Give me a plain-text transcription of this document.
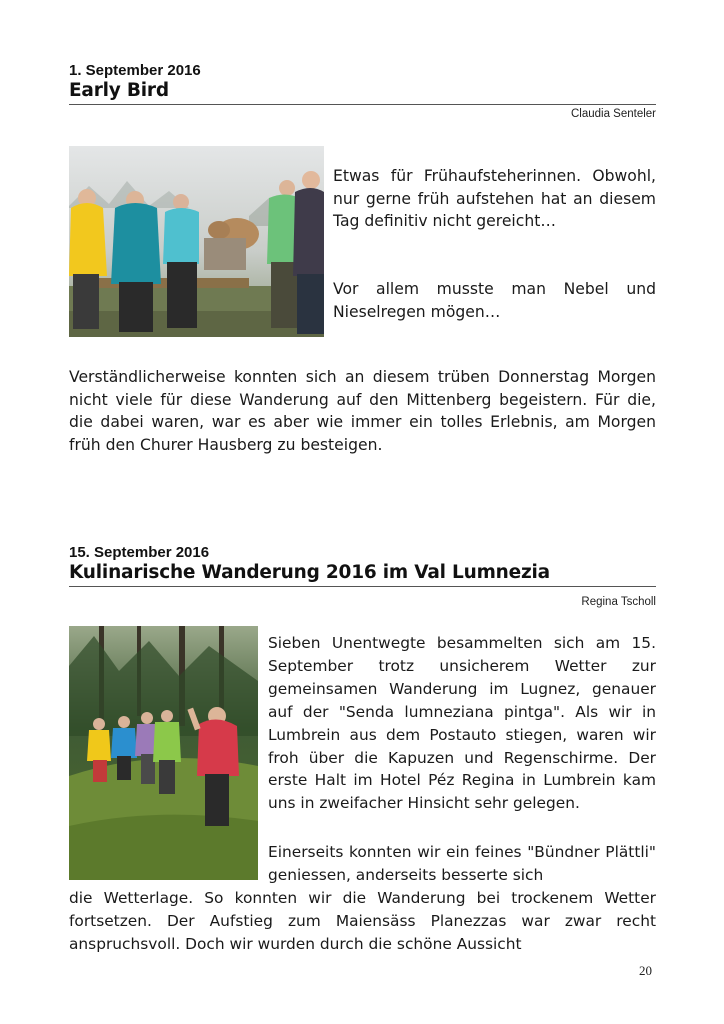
1. September 2016
Early Bird
Claudia Senteler
Etwas für Frühaufsteherinnen. Obwohl, nur gerne früh aufstehen hat an diesem Tag definitiv nicht gereicht…
Vor allem musste man Nebel und Nieselregen mögen…
Verständlicherweise konnten sich an diesem trüben Donnerstag Morgen nicht viele für diese Wanderung auf den Mittenberg begeistern. Für die, die dabei waren, war es aber wie immer ein tolles Erlebnis, am Morgen früh den Churer Hausberg zu besteigen.
15. September 2016
Kulinarische Wanderung 2016 im Val Lumnezia
Regina Tscholl
Sieben Unentwegte besammelten sich am 15. September trotz unsicherem Wetter zur gemeinsamen Wanderung im Lugnez, genauer auf der "Senda lumneziana pintga". Als wir in Lumbrein aus dem Postauto stiegen, waren wir froh über die Kapuzen und Regenschirme. Der erste Halt im Hotel Péz Regina in Lumbrein kam uns in zweifacher Hinsicht sehr gelegen.
Einerseits konnten wir ein feines "Bündner Plättli" geniessen, anderseits besserte sich
die Wetterlage. So konnten wir die Wanderung bei trockenem Wetter fortsetzen. Der Aufstieg zum Maiensäss Planezzas war zwar recht anspruchsvoll. Doch wir wurden durch die schöne Aussicht
20
